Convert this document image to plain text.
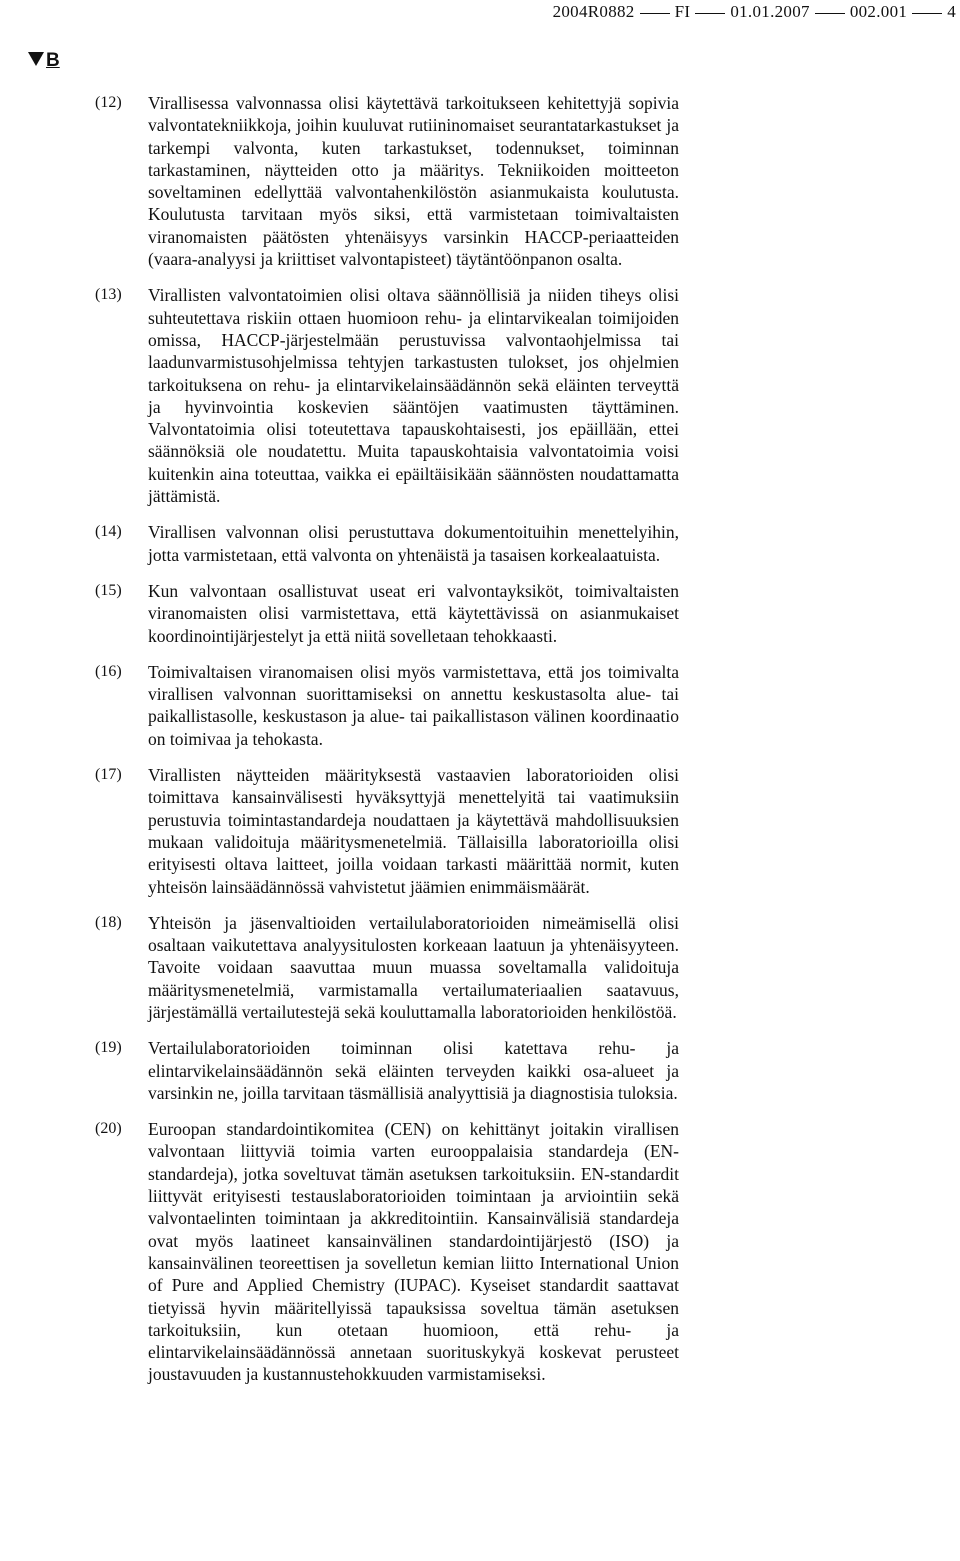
2004R0882 FI 01.01.2007 002.001 4
B
(12) Virallisessa valvonnassa olisi käytettävä tarkoitukseen kehitettyjä sopivia valvontatekniikkoja, joihin kuuluvat rutiininomaiset seurantatarkastukset ja tarkempi valvonta, kuten tarkastukset, todennukset, toiminnan tarkastaminen, näytteiden otto ja määritys. Tekniikoiden moitteeton soveltaminen edellyttää valvontahenkilöstön asianmukaista koulutusta. Koulutusta tarvitaan myös siksi, että varmistetaan toimivaltaisten viranomaisten päätösten yhtenäisyys varsinkin HACCP-periaatteiden (vaara-analyysi ja kriittiset valvontapisteet) täytäntöönpanon osalta.
(13) Virallisten valvontatoimien olisi oltava säännöllisiä ja niiden tiheys olisi suhteutettava riskiin ottaen huomioon rehu- ja elintarvikealan toimijoiden omissa, HACCP-järjestelmään perustuvissa valvontaohjelmissa tai laadunvarmistusohjelmissa tehtyjen tarkastusten tulokset, jos ohjelmien tarkoituksena on rehu- ja elintarvikelainsäädännön sekä eläinten terveyttä ja hyvinvointia koskevien sääntöjen vaatimusten täyttäminen. Valvontatoimia olisi toteutettava tapauskohtaisesti, jos epäillään, ettei säännöksiä ole noudatettu. Muita tapauskohtaisia valvontatoimia voisi kuitenkin aina toteuttaa, vaikka ei epäiltäisikään säännösten noudattamatta jättämistä.
(14) Virallisen valvonnan olisi perustuttava dokumentoituihin menettelyihin, jotta varmistetaan, että valvonta on yhtenäistä ja tasaisen korkealaatuista.
(15) Kun valvontaan osallistuvat useat eri valvontayksiköt, toimivaltaisten viranomaisten olisi varmistettava, että käytettävissä on asianmukaiset koordinointijärjestelyt ja että niitä sovelletaan tehokkaasti.
(16) Toimivaltaisen viranomaisen olisi myös varmistettava, että jos toimivalta virallisen valvonnan suorittamiseksi on annettu keskustasolta alue- tai paikallistasolle, keskustason ja alue- tai paikallistason välinen koordinaatio on toimivaa ja tehokasta.
(17) Virallisten näytteiden määrityksestä vastaavien laboratorioiden olisi toimittava kansainvälisesti hyväksyttyjä menettelyitä tai vaatimuksiin perustuvia toimintastandardeja noudattaen ja käytettävä mahdollisuuksien mukaan validoituja määritysmenetelmiä. Tällaisilla laboratorioilla olisi erityisesti oltava laitteet, joilla voidaan tarkasti määrittää normit, kuten yhteisön lainsäädännössä vahvistetut jäämien enimmäismäärät.
(18) Yhteisön ja jäsenvaltioiden vertailulaboratorioiden nimeämisellä olisi osaltaan vaikutettava analyysitulosten korkeaan laatuun ja yhtenäisyyteen. Tavoite voidaan saavuttaa muun muassa soveltamalla validoituja määritysmenetelmiä, varmistamalla vertailumateriaalien saatavuus, järjestämällä vertailutestejä sekä kouluttamalla laboratorioiden henkilöstöä.
(19) Vertailulaboratorioiden toiminnan olisi katettava rehu- ja elintarvikelainsäädännön sekä eläinten terveyden kaikki osa-alueet ja varsinkin ne, joilla tarvitaan täsmällisiä analyyttisiä ja diagnostisia tuloksia.
(20) Euroopan standardointikomitea (CEN) on kehittänyt joitakin virallisen valvontaan liittyviä toimia varten eurooppalaisia standardeja (EN-standardeja), jotka soveltuvat tämän asetuksen tarkoituksiin. EN-standardit liittyvät erityisesti testauslaboratorioiden toimintaan ja arviointiin sekä valvontaelinten toimintaan ja akkreditointiin. Kansainvälisiä standardeja ovat myös laatineet kansainvälinen standardointijärjestö (ISO) ja kansainvälinen teoreettisen ja sovelletun kemian liitto International Union of Pure and Applied Chemistry (IUPAC). Kyseiset standardit saattavat tietyissä hyvin määritellyissä tapauksissa soveltua tämän asetuksen tarkoituksiin, kun otetaan huomioon, että rehu- ja elintarvikelainsäädännössä annetaan suorituskykyä koskevat perusteet joustavuuden ja kustannustehokkuuden varmistamiseksi.
